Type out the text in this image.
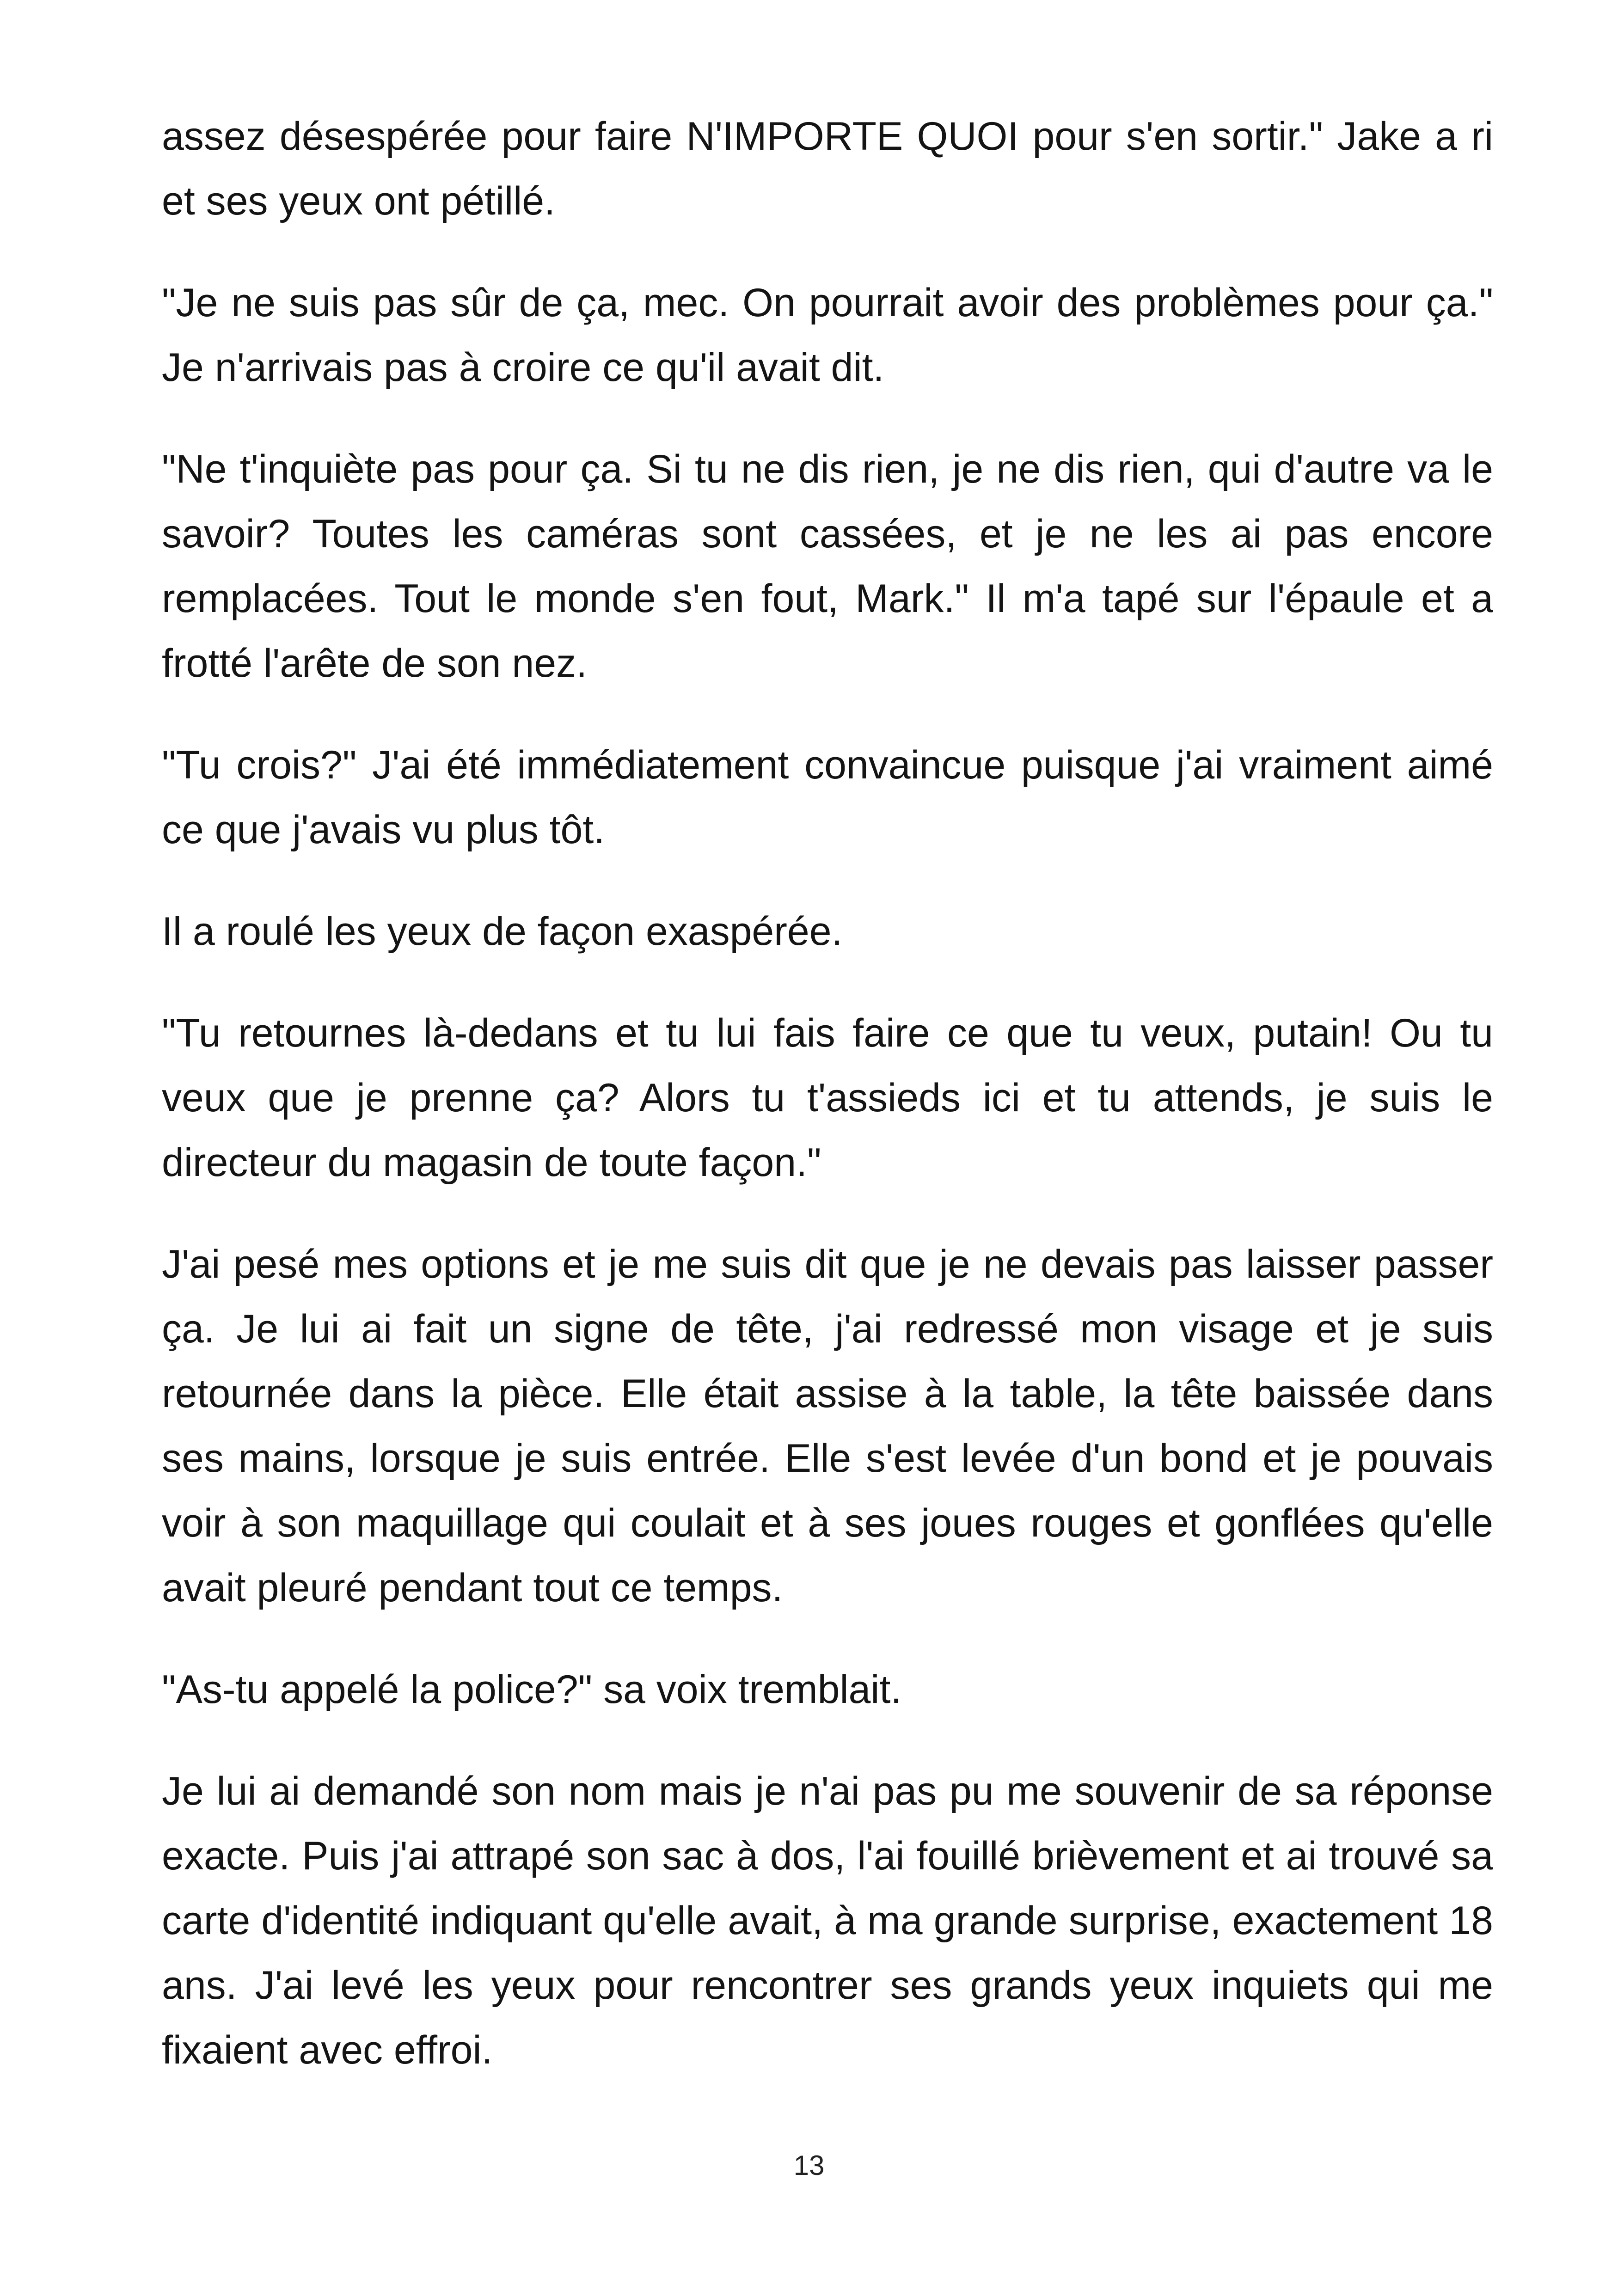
assez désespérée pour faire N'IMPORTE QUOI pour s'en sortir." Jake a ri et ses yeux ont pétillé.

"Je ne suis pas sûr de ça, mec. On pourrait avoir des problèmes pour ça." Je n'arrivais pas à croire ce qu'il avait dit.

"Ne t'inquiète pas pour ça. Si tu ne dis rien, je ne dis rien, qui d'autre va le savoir? Toutes les caméras sont cassées, et je ne les ai pas encore remplacées. Tout le monde s'en fout, Mark." Il m'a tapé sur l'épaule et a frotté l'arête de son nez.

"Tu crois?" J'ai été immédiatement convaincue puisque j'ai vraiment aimé ce que j'avais vu plus tôt.

Il a roulé les yeux de façon exaspérée.

"Tu retournes là-dedans et tu lui fais faire ce que tu veux, putain! Ou tu veux que je prenne ça? Alors tu t'assieds ici et tu attends, je suis le directeur du magasin de toute façon."

J'ai pesé mes options et je me suis dit que je ne devais pas laisser passer ça. Je lui ai fait un signe de tête, j'ai redressé mon visage et je suis retournée dans la pièce. Elle était assise à la table, la tête baissée dans ses mains, lorsque je suis entrée. Elle s'est levée d'un bond et je pouvais voir à son maquillage qui coulait et à ses joues rouges et gonflées qu'elle avait pleuré pendant tout ce temps.

"As-tu appelé la police?" sa voix tremblait.

Je lui ai demandé son nom mais je n'ai pas pu me souvenir de sa réponse exacte. Puis j'ai attrapé son sac à dos, l'ai fouillé brièvement et ai trouvé sa carte d'identité indiquant qu'elle avait, à ma grande surprise, exactement 18 ans. J'ai levé les yeux pour rencontrer ses grands yeux inquiets qui me fixaient avec effroi.

13
